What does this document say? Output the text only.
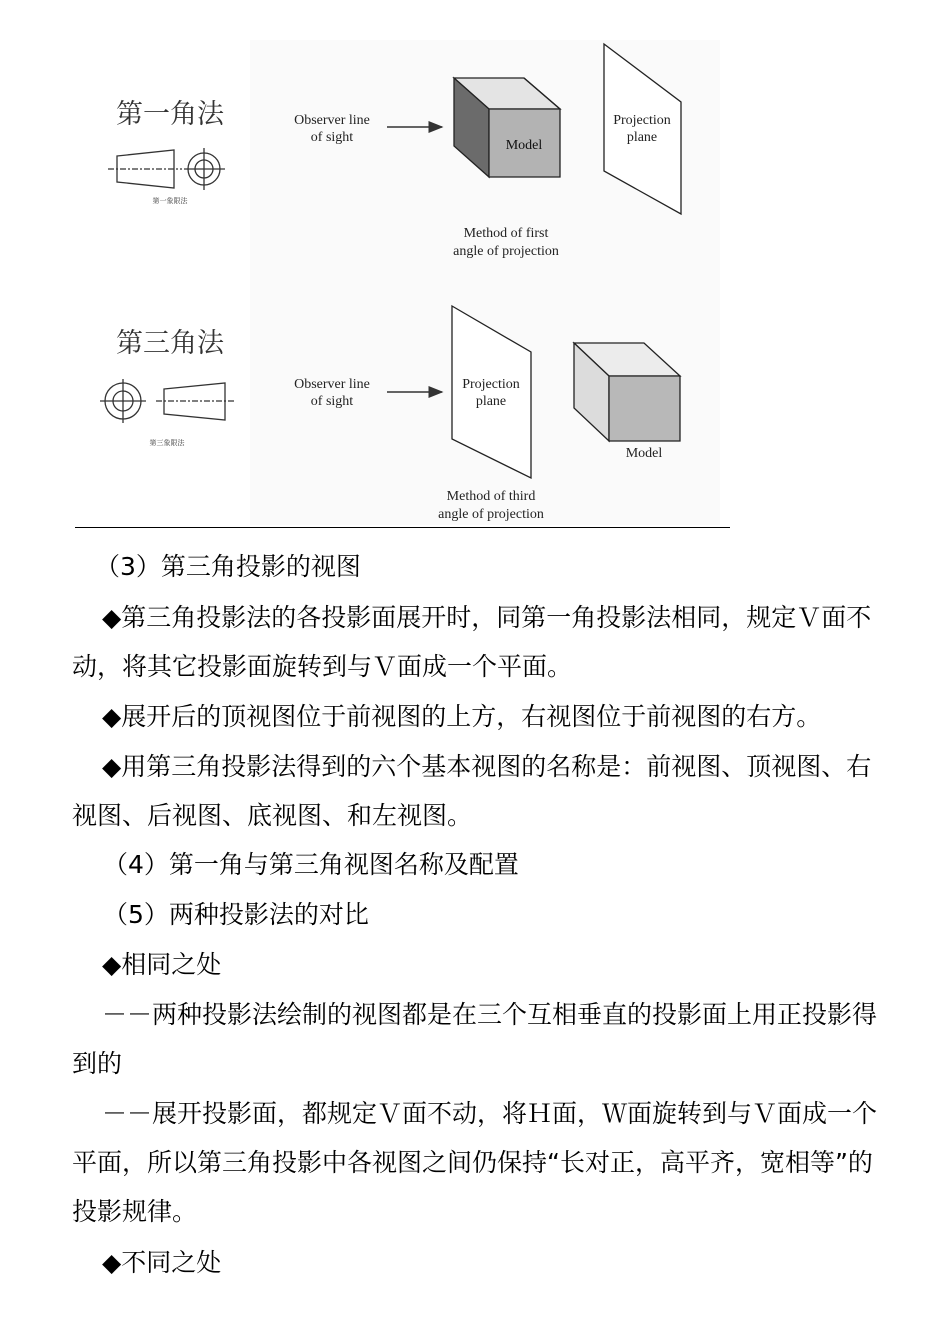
第一角法
第一象限法
Observer line
of sight
Model
Projection
plane
Method of first
angle of projection
第三角法
第三象限法
Observer line
of sight
Projection
plane
Model
Method of third
angle of projection
（3）第三角投影的视图
◆第三角投影法的各投影面展开时，同第一角投影法相同，规定Ｖ面不动，将其它投影面旋转到与Ｖ面成一个平面。
◆展开后的顶视图位于前视图的上方，右视图位于前视图的右方。
◆用第三角投影法得到的六个基本视图的名称是：前视图、顶视图、右视图、后视图、底视图、和左视图。
（4）第一角与第三角视图名称及配置
（5）两种投影法的对比
◆相同之处
－－两种投影法绘制的视图都是在三个互相垂直的投影面上用正投影得到的
－－展开投影面，都规定Ｖ面不动，将Ｈ面，Ｗ面旋转到与Ｖ面成一个平面，所以第三角投影中各视图之间仍保持“长对正，高平齐，宽相等”的投影规律。
◆不同之处
